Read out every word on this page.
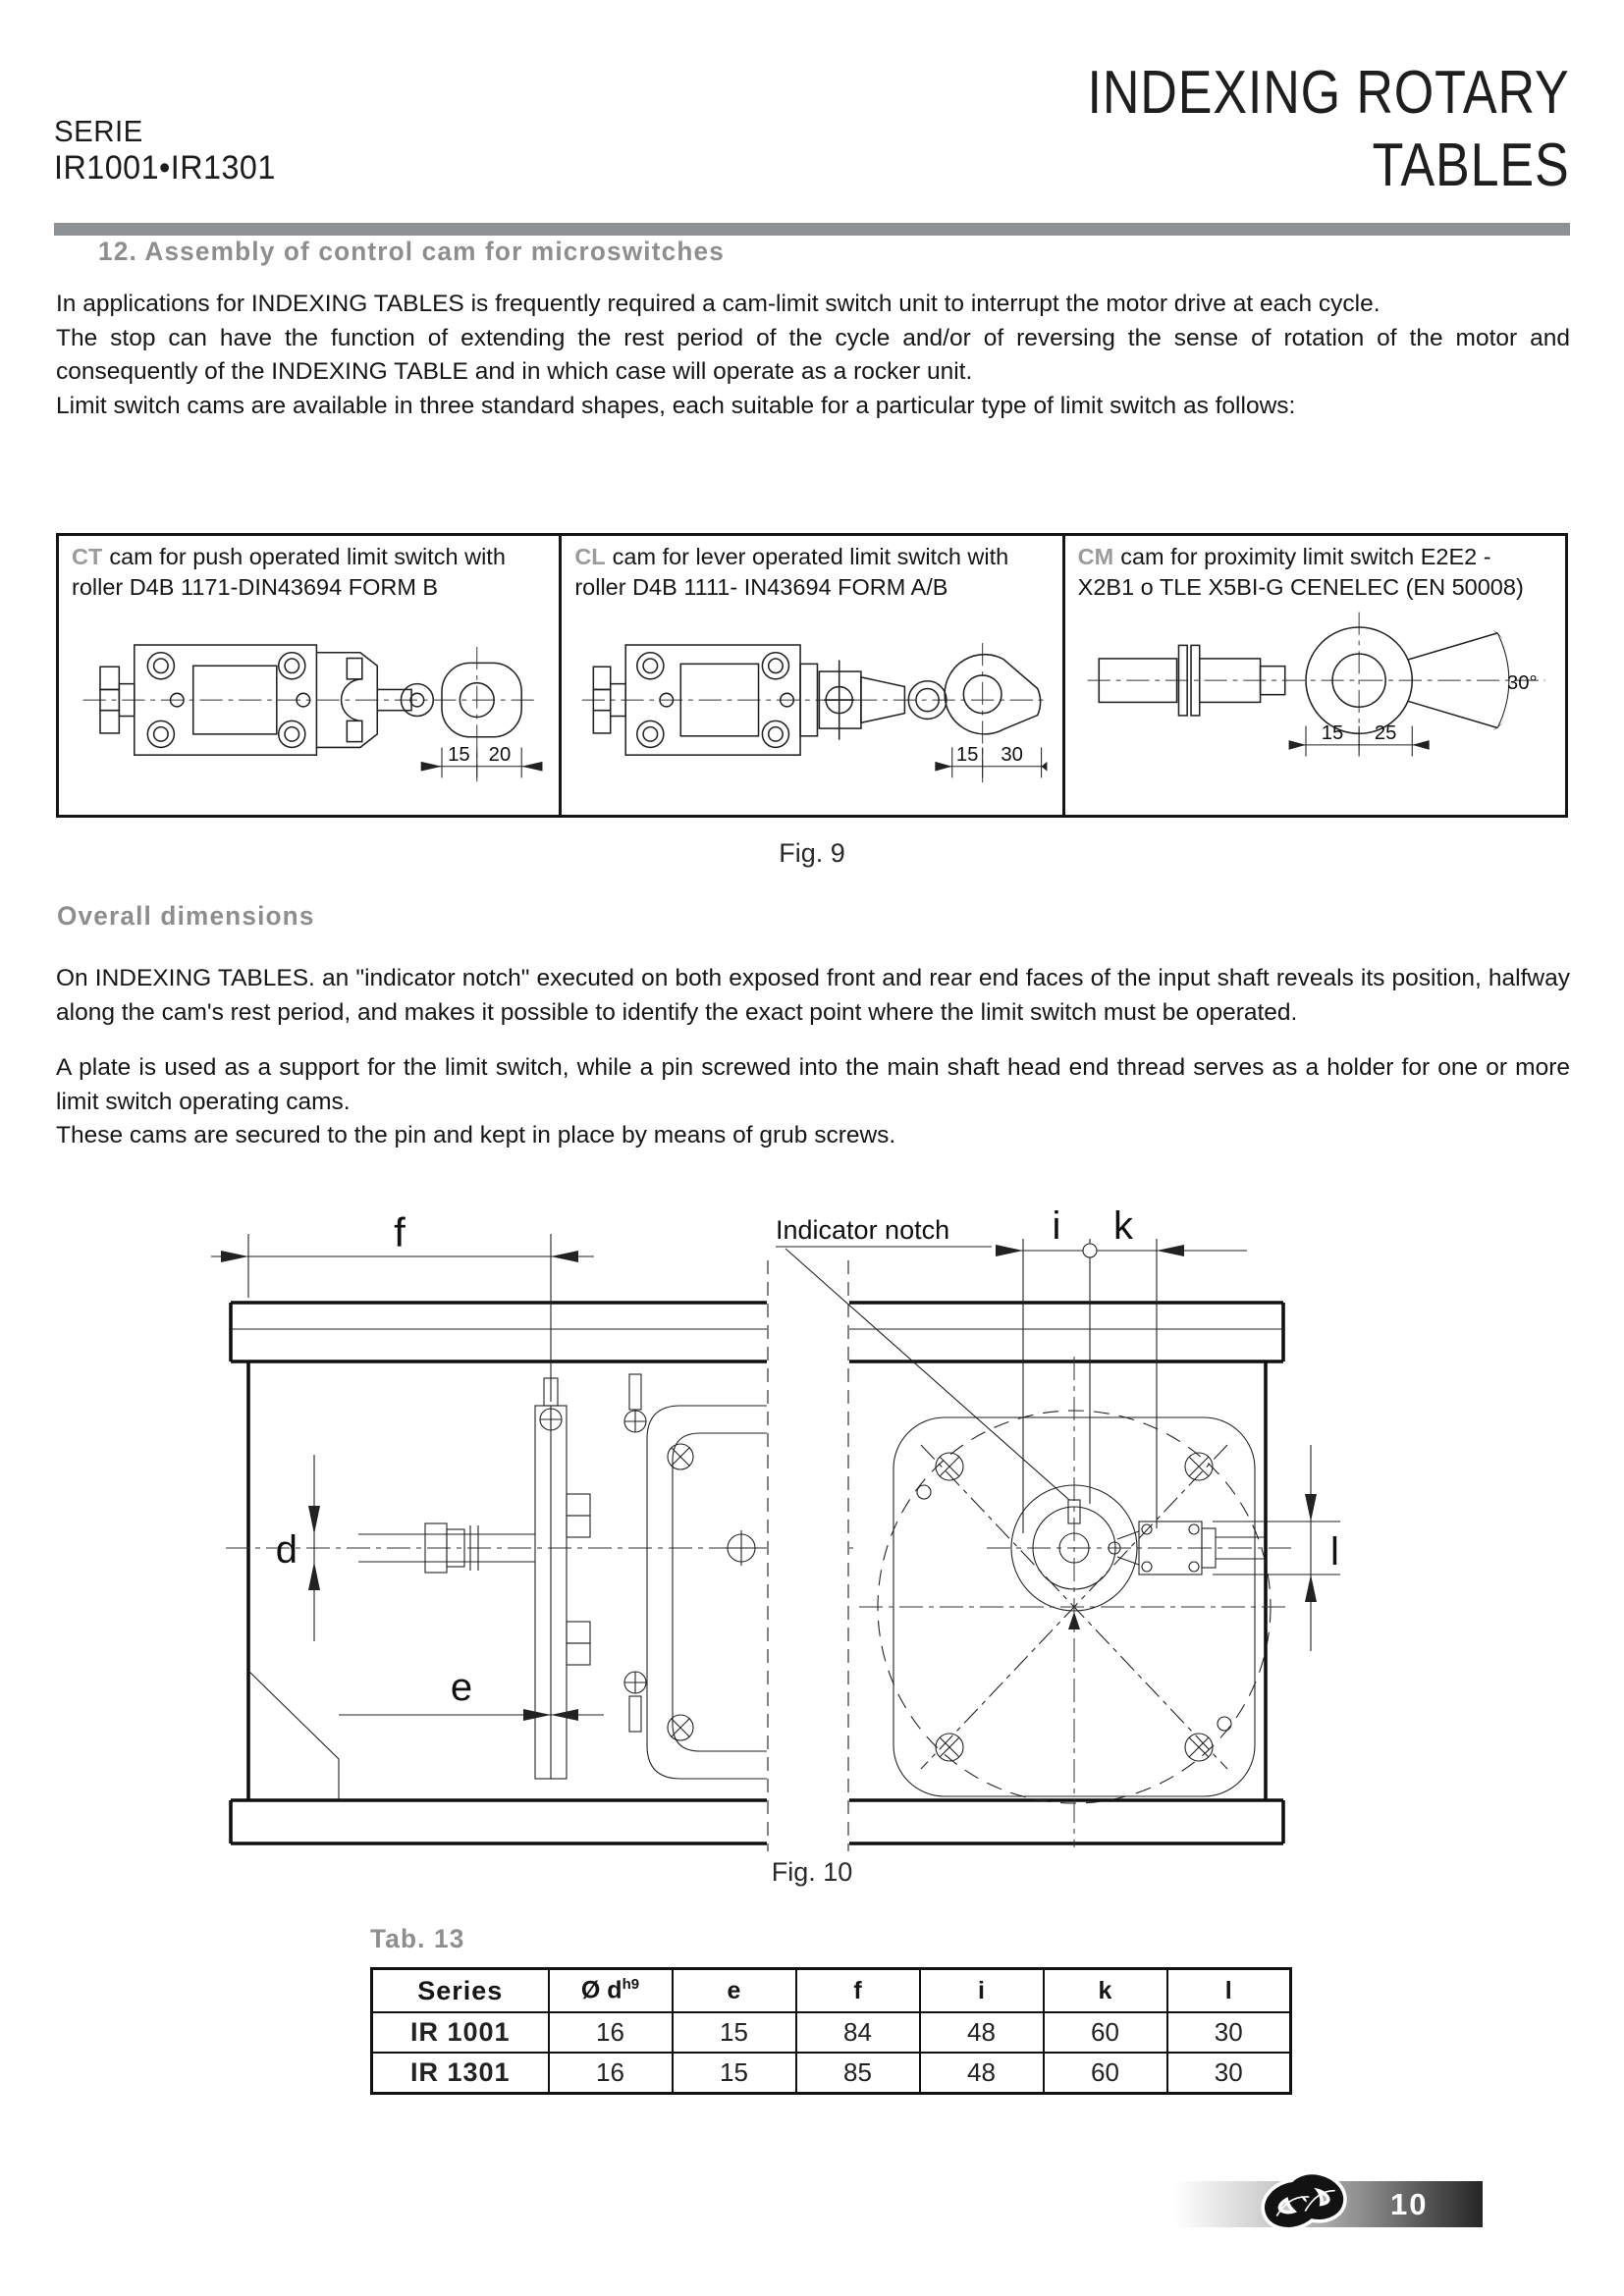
SERIE
IR1001•IR1301
INDEXING ROTARY
TABLES
12. Assembly of control cam for microswitches

In applications for INDEXING TABLES is frequently required a cam-limit switch unit to interrupt the motor drive at each cycle.

The stop can have the function of extending the rest period of the cycle and/or of reversing the sense of rotation of the motor and consequently of the INDEXING TABLE and in which case will operate as a rocker unit.

Limit switch cams are available in three standard shapes, each suitable for a particular type of limit switch as follows:

CT cam for push operated limit switch with roller D4B 1171-DIN43694 FORM B

15 20

CL cam for lever operated limit switch with roller D4B 1111- IN43694 FORM A/B

15 30

CM cam for proximity limit switch E2E2 - X2B1 o TLE X5BI-G CENELEC (EN 50008)

30°
15 25
Fig. 9
Overall dimensions

On INDEXING TABLES. an "indicator notch" executed on both exposed front and rear end faces of the input shaft reveals its position, halfway along the cam's rest period, and makes it possible to identify the exact point where the limit switch must be operated.

A plate is used as a support for the limit switch, while a pin screwed into the main shaft head end thread serves as a holder for one or more limit switch operating cams.

These cams are secured to the pin and kept in place by means of grub screws.

f
d
e
i k
l
Indicator notch
Fig. 10
Tab. 13
Series	Ø $d^{h9}$	e	f	i	k	l
IR 1001	16	15	84	48	60	30
IR 1301	16	15	85	48	60	30
10
